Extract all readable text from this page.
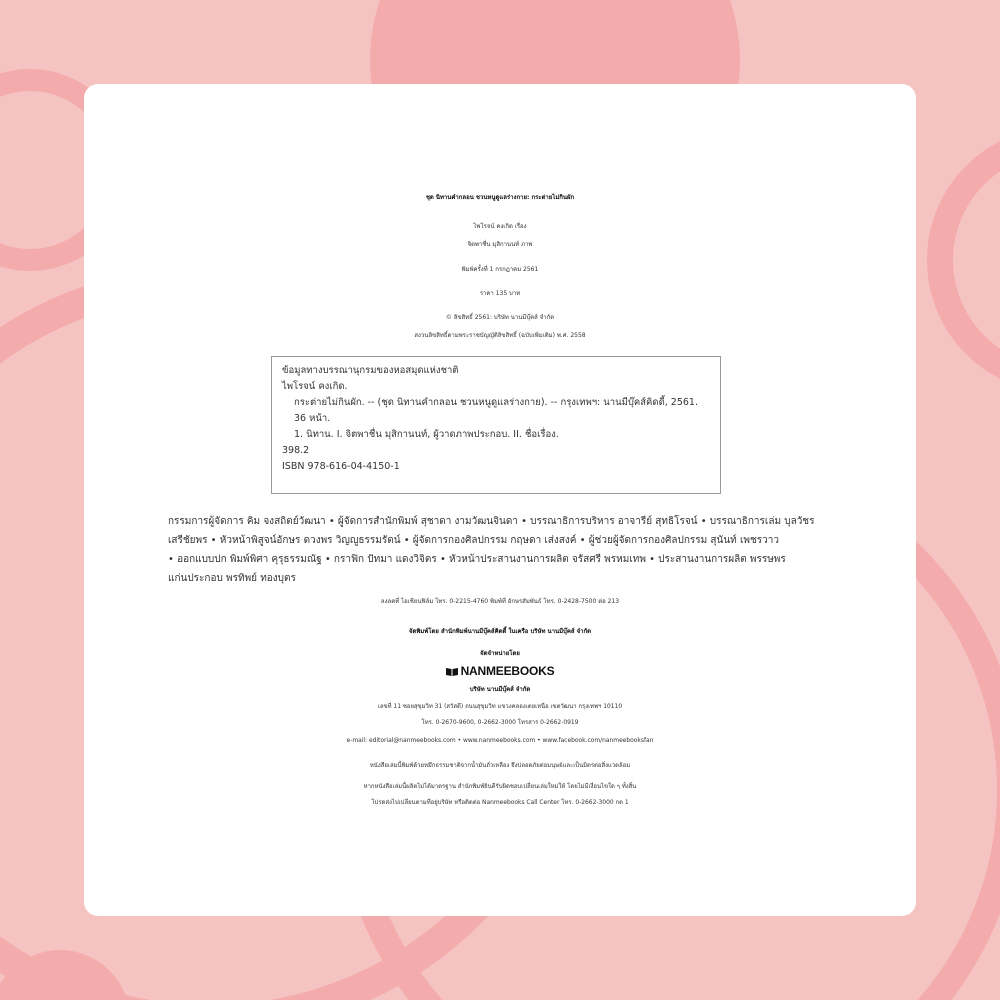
ชุด นิทานคำกลอน ชวนหนูดูแลร่างกาย: กระต่ายไม่กินผัก
ไพโรจน์ คงเกิด เรื่อง
จิตพาชื่น มุสิกานนท์ ภาพ
พิมพ์ครั้งที่ 1 กรกฎาคม 2561
ราคา 135 บาท
© ลิขสิทธิ์ 2561: บริษัท นานมีบุ๊คส์ จำกัด
สงวนลิขสิทธิ์ตามพระราชบัญญัติลิขสิทธิ์ (ฉบับเพิ่มเติม) พ.ศ. 2558
ข้อมูลทางบรรณานุกรมของหอสมุดแห่งชาติ
ไพโรจน์ คงเกิด.
กระต่ายไม่กินผัก. -- (ชุด นิทานคำกลอน ชวนหนูดูแลร่างกาย). -- กรุงเทพฯ: นานมีบุ๊คส์คิดดี้, 2561.
36 หน้า.
1. นิทาน. I. จิตพาชื่น มุสิกานนท์, ผู้วาดภาพประกอบ. II. ชื่อเรื่อง.
398.2
ISBN 978-616-04-4150-1
กรรมการผู้จัดการ คิม จงสถิตย์วัฒนา • ผู้จัดการสำนักพิมพ์ สุชาดา งามวัฒนจินดา • บรรณาธิการบริหาร อาจารีย์ สุทธิโรจน์ • บรรณาธิการเล่ม บุลวัชร
เสรีชัยพร • หัวหน้าพิสูจน์อักษร ดวงพร วิญญูธรรมรัตน์ • ผู้จัดการกองศิลปกรรม กฤษดา เส่งสงค์ • ผู้ช่วยผู้จัดการกองศิลปกรรม สุนันท์ เพชรวาว
• ออกแบบปก พิมพ์พิศา คุรุธรรมณัฐ • กราฟิก ปัทมา แดงวิจิตร • หัวหน้าประสานงานการผลิต จรัสศรี พรหมเทพ • ประสานงานการผลิต พรรษพร
แก่นประกอบ พรทิพย์ ทองบุตร
ลงลคที่ ไอเชียนฟิล์ม โทร. 0-2215-4760 พิมพ์ที่ อักษรสัมพันธ์ โทร. 0-2428-7500 ต่อ 213
จัดพิมพ์โดย สำนักพิมพ์นานมีบุ๊คส์คิดดี้ ในเครือ บริษัท นานมีบุ๊คส์ จำกัด
จัดจำหน่ายโดย
NANMEEBOOKS
บริษัท นานมีบุ๊คส์ จำกัด
เลขที่ 11 ซอยสุขุมวิท 31 (สวัสดี) ถนนสุขุมวิท แขวงคลองเตยเหนือ เขตวัฒนา กรุงเทพฯ 10110
โทร. 0-2670-9600, 0-2662-3000 โทรสาร 0-2662-0919
e-mail: editorial@nanmeebooks.com • www.nanmeebooks.com • www.facebook.com/nanmeebooksfan
หนังสือเล่มนี้พิมพ์ด้วยหมึกธรรมชาติจากน้ำมันถั่วเหลือง จึงปลอดภัยต่อมนุษย์และเป็นมิตรต่อสิ่งแวดล้อม
หากหนังสือเล่มนี้ผลิตไม่ได้มาตรฐาน สำนักพิมพ์ยินดีรับผิดชอบเปลี่ยนเล่มใหม่ให้ โดยไม่มีเงื่อนไขใด ๆ ทั้งสิ้น
โปรดส่งไปเปลี่ยนตามที่อยู่บริษัท หรือติดต่อ Nanmeebooks Call Center โทร. 0-2662-3000 กด 1
